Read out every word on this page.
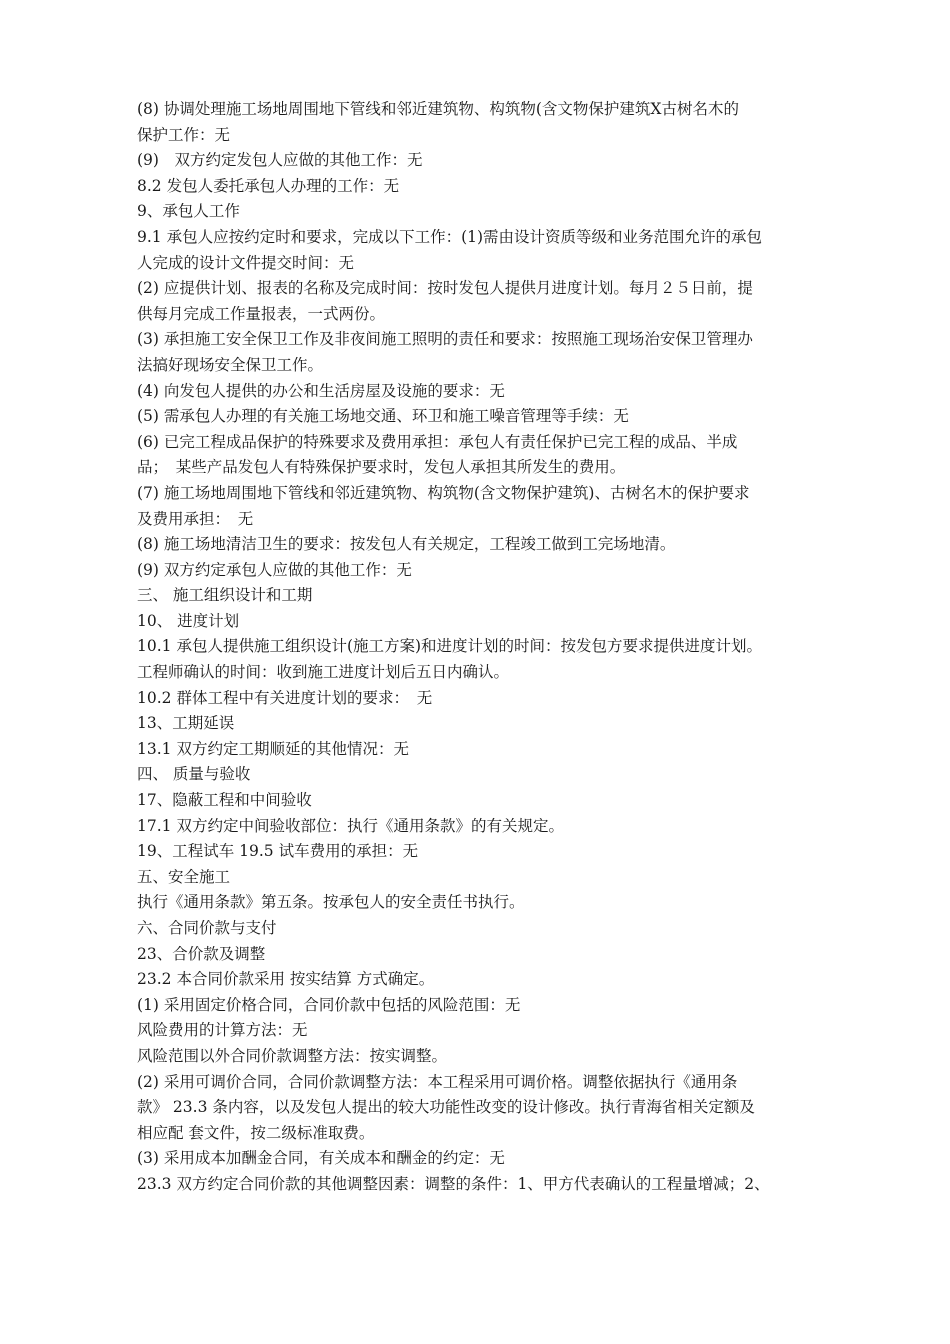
(8) 协调处理施工场地周围地下管线和邻近建筑物、构筑物(含文物保护建筑Ⅹ古树名木的
保护工作：无
(9)　双方约定发包人应做的其他工作：无
8.2 发包人委托承包人办理的工作：无
9、承包人工作
9.1 承包人应按约定时和要求，完成以下工作：(1)需由设计资质等级和业务范围允许的承包
人完成的设计文件提交时间：无
(2) 应提供计划、报表的名称及完成时间：按时发包人提供月进度计划。每月２５日前，提
供每月完成工作量报表，一式两份。
(3) 承担施工安全保卫工作及非夜间施工照明的责任和要求：按照施工现场治安保卫管理办
法搞好现场安全保卫工作。
(4) 向发包人提供的办公和生活房屋及设施的要求：无
(5) 需承包人办理的有关施工场地交通、环卫和施工噪音管理等手续：无
(6) 已完工程成品保护的特殊要求及费用承担：承包人有责任保护已完工程的成品、半成
品；　某些产品发包人有特殊保护要求时，发包人承担其所发生的费用。
(7) 施工场地周围地下管线和邻近建筑物、构筑物(含文物保护建筑)、古树名木的保护要求
及费用承担：　无
(8) 施工场地清洁卫生的要求：按发包人有关规定，工程竣工做到工完场地清。
(9) 双方约定承包人应做的其他工作：无
三、 施工组织设计和工期
10、 进度计划
10.1 承包人提供施工组织设计(施工方案)和进度计划的时间：按发包方要求提供进度计划。
工程师确认的时间：收到施工进度计划后五日内确认。
10.2 群体工程中有关进度计划的要求：　无
13、工期延误
13.1 双方约定工期顺延的其他情况：无
四、 质量与验收
17、隐蔽工程和中间验收
17.1 双方约定中间验收部位：执行《通用条款》的有关规定。
19、工程试车 19.5 试车费用的承担：无
五、安全施工
执行《通用条款》第五条。按承包人的安全责任书执行。
六、合同价款与支付
23、合价款及调整
23.2 本合同价款采用 按实结算 方式确定。
(1) 采用固定价格合同，合同价款中包括的风险范围：无
风险费用的计算方法：无
风险范围以外合同价款调整方法：按实调整。
(2) 采用可调价合同，合同价款调整方法：本工程采用可调价格。调整依据执行《通用条
款》 23.3 条内容，以及发包人提出的较大功能性改变的设计修改。执行青海省相关定额及
相应配 套文件，按二级标准取费。
(3) 采用成本加酬金合同，有关成本和酬金的约定：无
23.3 双方约定合同价款的其他调整因素：调整的条件：1、甲方代表确认的工程量增减；2、
